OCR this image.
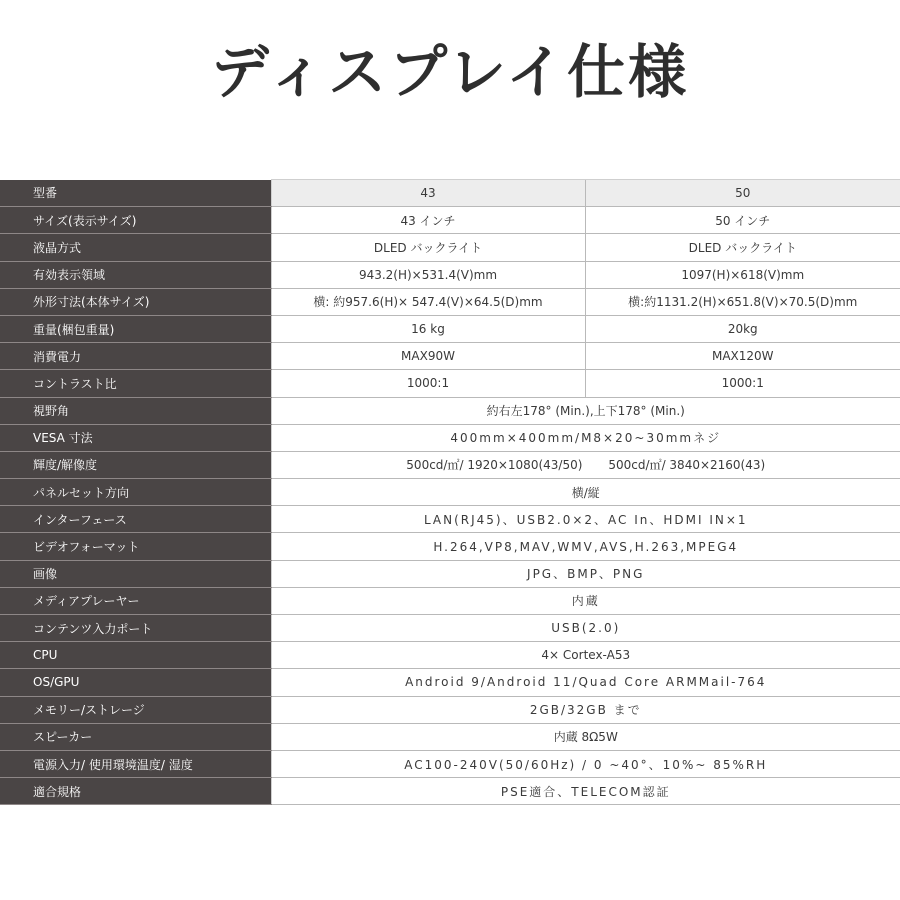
ディスプレイ仕様
型番	43	50
サイズ(表示サイズ)	43 インチ	50 インチ
液晶方式	DLED バックライト	DLED バックライト
有効表示領域	943.2(H)×531.4(V)mm	1097(H)×618(V)mm
外形寸法(本体サイズ)	横: 約957.6(H)× 547.4(V)×64.5(D)mm	横:約1131.2(H)×651.8(V)×70.5(D)mm
重量(梱包重量)	16 kg	20kg
消費電力	MAX90W	MAX120W
コントラスト比	1000:1	1000:1
視野角	約右左178° (Min.),上下178° (Min.)	
VESA 寸法	400mm×400mm/M8×20~30mmネジ	
輝度/解像度	500cd/㎡/ 1920×1080(43/50) 500cd/㎡/ 3840×2160(43)	
パネルセット方向	横/縦	
インターフェース	LAN(RJ45)、USB2.0×2、AC In、HDMI IN×1	
ビデオフォーマット	H.264,VP8,MAV,WMV,AVS,H.263,MPEG4	
画像	JPG、BMP、PNG	
メディアプレーヤー	内蔵	
コンテンツ入力ポート	USB(2.0)	
CPU	4× Cortex-A53	
OS/GPU	Android 9/Android 11/Quad Core ARMMail-764	
メモリー/ストレージ	2GB/32GB まで	
スピーカー	内蔵 8Ω5W	
電源入力/ 使用環境温度/ 湿度	AC100-240V(50/60Hz) / 0 ~40°、10%~ 85%RH	
適合規格	PSE適合、TELECOM認証	
